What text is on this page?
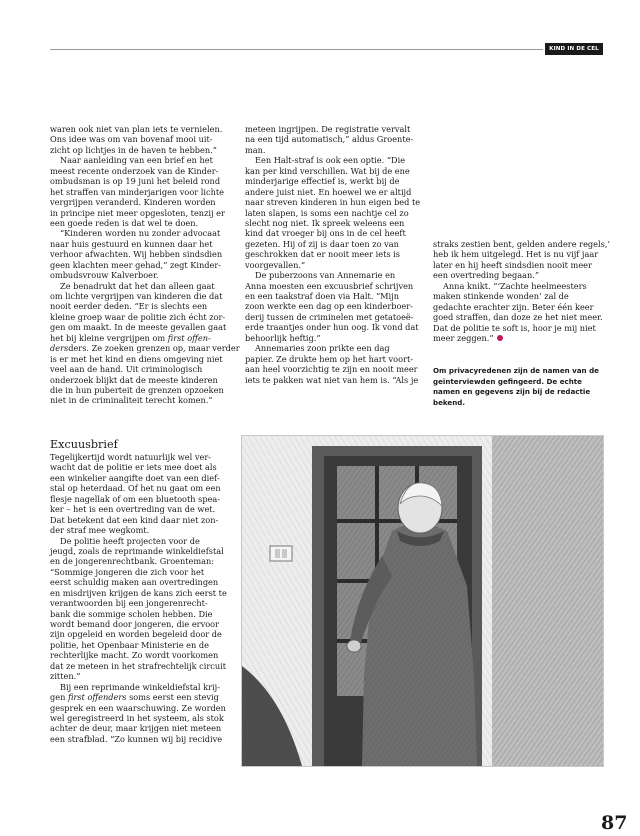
KIND IN DE CEL
waren ook niet van plan iets te vernielen.
Ons idee was om van bovenaf mooi uit-
zicht op lichtjes in de haven te hebben.”
Naar aanleiding van een brief en het
meest recente onderzoek van de Kinder-
ombudsman is op 19 juni het beleid rond
het straffen van minderjarigen voor lichte
vergrijpen veranderd. Kinderen worden
in principe niet meer opgesloten, tenzij er
een goede reden is dat wel te doen.
“Kinderen worden nu zonder advocaat
naar huis gestuurd en kunnen daar het
verhoor afwachten. Wij hebben sindsdien
geen klachten meer gehad,” zegt Kinder-
ombudsvrouw Kalverboer.
Ze benadrukt dat het dan alleen gaat
om lichte vergrijpen van kinderen die dat
nooit eerder deden. “Er is slechts een
kleine groep waar de politie zich écht zor-
gen om maakt. In de meeste gevallen gaat
het bij kleine vergrijpen om first offen-
dersders. Ze zoeken grenzen op, maar verder
is er met het kind en diens omgeving niet
veel aan de hand. Uit criminologisch
onderzoek blijkt dat de meeste kinderen
die in hun puberteit de grenzen opzoeken
niet in de criminaliteit terecht komen.”
Excuusbrief
Tegelijkertijd wordt natuurlijk wel ver-
wacht dat de politie er iets mee doet als
een winkelier aangifte doet van een dief-
stal op heterdaad. Of het nu gaat om een
flesje nagellak of om een bluetooth spea-
ker – het is een overtreding van de wet.
Dat betekent dat een kind daar niet zon-
der straf mee wegkomt.
De politie heeft projecten voor de
jeugd, zoals de reprimande winkeldiefstal
en de jongerenrechtbank. Groenteman:
“Sommige jongeren die zich voor het
eerst schuldig maken aan overtredingen
en misdrijven krijgen de kans zich eerst te
verantwoorden bij een jongerenrecht-
bank die sommige scholen hebben. Die
wordt bemand door jongeren, die ervoor
zijn opgeleid en worden begeleid door de
politie, het Openbaar Ministerie en de
rechterlijke macht. Zo wordt voorkomen
dat ze meteen in het strafrechtelijk circuit
zitten.”
Bij een reprimande winkeldiefstal krij-
gen first offenders soms eerst een stevig
gesprek en een waarschuwing. Ze worden
wel geregistreerd in het systeem, als stok
achter de deur, maar krijgen niet meteen
een strafblad. “Zo kunnen wij bij recidive
meteen ingrijpen. De registratie vervalt
na een tijd automatisch,” aldus Groente-
man.
Een Halt-straf is ook een optie. “Die
kan per kind verschillen. Wat bij de ene
minderjarige effectief is, werkt bij de
andere juist niet. En hoewel we er altijd
naar streven kinderen in hun eigen bed te
laten slapen, is soms een nachtje cel zo
slecht nog niet. Ik spreek weleens een
kind dat vroeger bij ons in de cel heeft
gezeten. Hij of zij is daar toen zo van
geschrokken dat er nooit meer iets is
voorgevallen.”
De puberzoons van Annemarie en
Anna moesten een excuusbrief schrijven
en een taakstraf doen via Halt. “Mijn
zoon werkte een dag op een kinderboer-
derij tussen de criminelen met getatoeë-
erde traantjes onder hun oog. Ik vond dat
behoorlijk heftig.”
Annemaries zoon prikte een dag
papier. Ze drukte hem op het hart voort-
aan heel voorzichtig te zijn en nooit meer
iets te pakken wat niet van hem is. “Als je
straks zestien bent, gelden andere regels,’
heb ik hem uitgelegd. Het is nu vijf jaar
later en hij heeft sindsdien nooit meer
een overtreding begaan.”
Anna knikt. “‘Zachte heelmeesters
maken stinkende wonden’ zal de
gedachte erachter zijn. Beter één keer
goed straffen, dan doze ze het niet meer.
Dat de politie te soft is, hoor je mij niet
meer zeggen.”
Om privacyredenen zijn de namen van de
geïnterviewden gefingeerd. De echte
namen en gegevens zijn bij de redactie
bekend.
87
